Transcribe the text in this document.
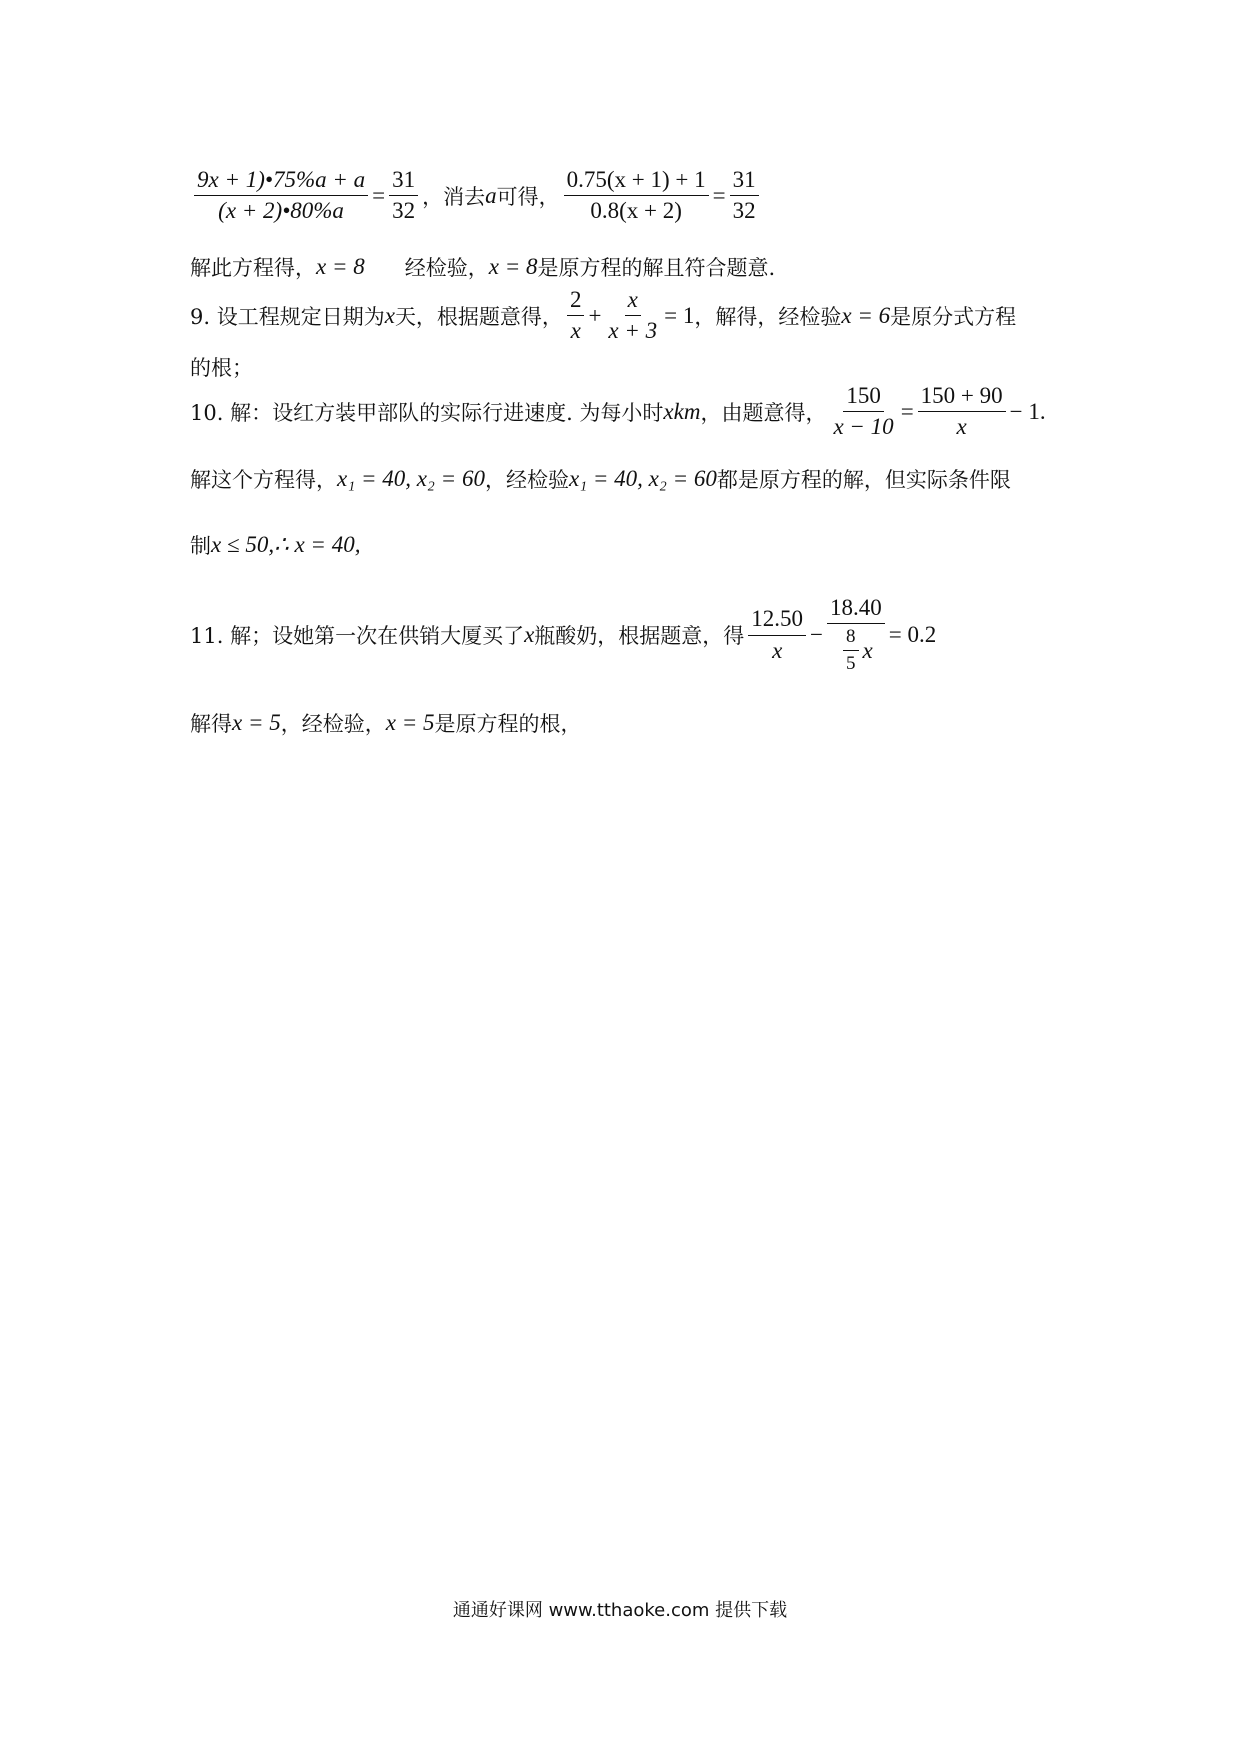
$\frac{9x + 1)•75\%a + a}{(x + 2)•80\%a} = \frac{31}{32}$ ，消去 a 可得， $\frac{0.75(x + 1) + 1}{0.8(x + 2)} = \frac{31}{32}$
解此方程得， x = 8 经检验， x = 8 是原方程的解且符合题意.
9. 设工程规定日期为 x 天，根据题意得， $\frac{2}{x} + \frac{x}{x + 3} = 1$ ，解得，经检验 x = 6 是原分式方程
的根；
10. 解：设红方装甲部队的实际行进速度. 为每小时 xkm ，由题意得， $\frac{150}{x - 10} = \frac{150 + 90}{x} - 1$.
解这个方程得， x₁ = 40, x₂ = 60 ，经检验 x₁ = 40, x₂ = 60 都是原方程的解，但实际条件限
制 x ≤ 50,∴ x = 40,
11. 解；设她第一次在供销大厦买了 x 瓶酸奶，根据题意，得 $\frac{12.50}{x} - \frac{18.40}{\frac{8}{5} x} = 0.2$
解得 x = 5 ，经检验， x = 5 是原方程的根，
通通好课网 www.tthaoke.com 提供下载
